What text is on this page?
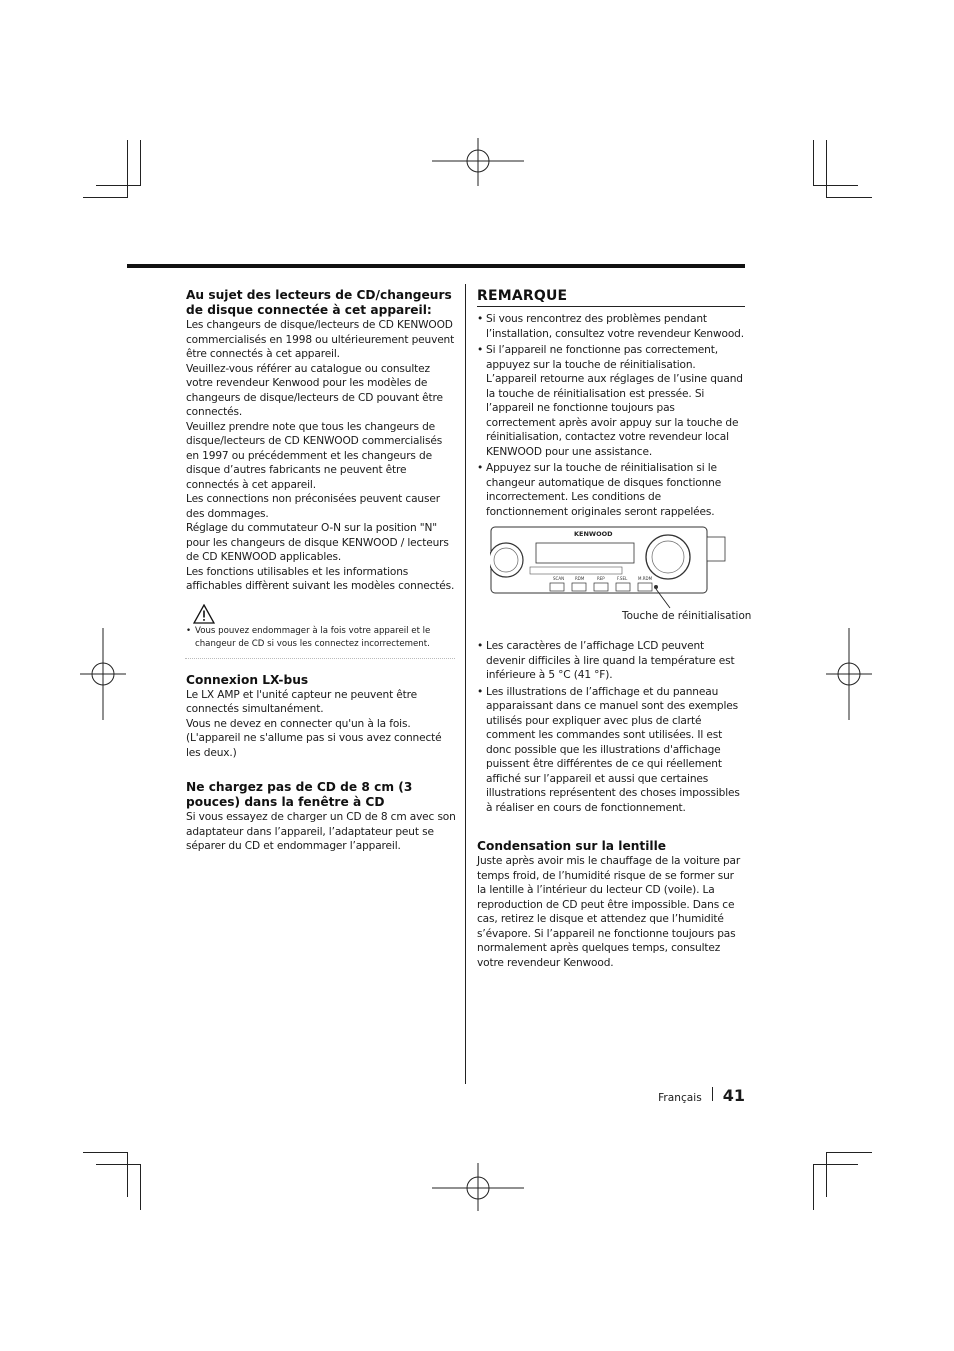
Au sujet des lecteurs de CD/changeurs de disque connectée à cet appareil:

Les changeurs de disque/lecteurs de CD KENWOOD commercialisés en 1998 ou ultérieurement peuvent être connectés à cet appareil.

Veuillez-vous référer au catalogue ou consultez votre revendeur Kenwood pour les modèles de changeurs de disque/lecteurs de CD pouvant être connectés.

Veuillez prendre note que tous les changeurs de disque/lecteurs de CD KENWOOD commercialisés en 1997 ou précédemment et les changeurs de disque d’autres fabricants ne peuvent être connectés à cet appareil.

Les connections non préconisées peuvent causer des dommages.

Réglage du commutateur O-N sur la position "N" pour les changeurs de disque KENWOOD / lecteurs de CD KENWOOD applicables.

Les fonctions utilisables et les informations affichables diffèrent suivant les modèles connectés.

• Vous pouvez endommager à la fois votre appareil et le changeur de CD si vous les connectez incorrectement.
Connexion LX-bus

Le LX AMP et l'unité capteur ne peuvent être connectés simultanément.

Vous ne devez en connecter qu'un à la fois. (L'appareil ne s'allume pas si vous avez connecté les deux.)

Ne chargez pas de CD de 8 cm (3 pouces) dans la fenêtre à CD

Si vous essayez de charger un CD de 8 cm avec son adaptateur dans l’appareil, l’adaptateur peut se séparer du CD et endommager l’appareil.

REMARQUE
• Si vous rencontrez des problèmes pendant l’installation, consultez votre revendeur Kenwood.
• Si l’appareil ne fonctionne pas correctement, appuyez sur la touche de réinitialisation. L’appareil retourne aux réglages de l’usine quand la touche de réinitialisation est pressée. Si l’appareil ne fonctionne toujours pas correctement après avoir appuy sur la touche de réinitialisation, contactez votre revendeur local KENWOOD pour une assistance.
• Appuyez sur la touche de réinitialisation si le changeur automatique de disques fonctionne incorrectement. Les conditions de fonctionnement originales seront rappelées.
KENWOOD
SCAN	RDM	REP	F.SEL	M.RDM
Touche de réinitialisation
• Les caractères de l’affichage LCD peuvent devenir difficiles à lire quand la température est inférieure à 5 °C (41 °F).
• Les illustrations de l’affichage et du panneau apparaissant dans ce manuel sont des exemples utilisés pour expliquer avec plus de clarté comment les commandes sont utilisées. Il est donc possible que les illustrations d'affichage puissent être différentes de ce qui réellement affiché sur l’appareil et aussi que certaines illustrations représentent des choses impossibles à réaliser en cours de fonctionnement.
Condensation sur la lentille

Juste après avoir mis le chauffage de la voiture par temps froid, de l’humidité risque de se former sur la lentille à l’intérieur du lecteur CD (voile). La reproduction de CD peut être impossible. Dans ce cas, retirez le disque et attendez que l’humidité s’évapore. Si l’appareil ne fonctionne toujours pas normalement après quelques temps, consultez votre revendeur Kenwood.

Français 41
